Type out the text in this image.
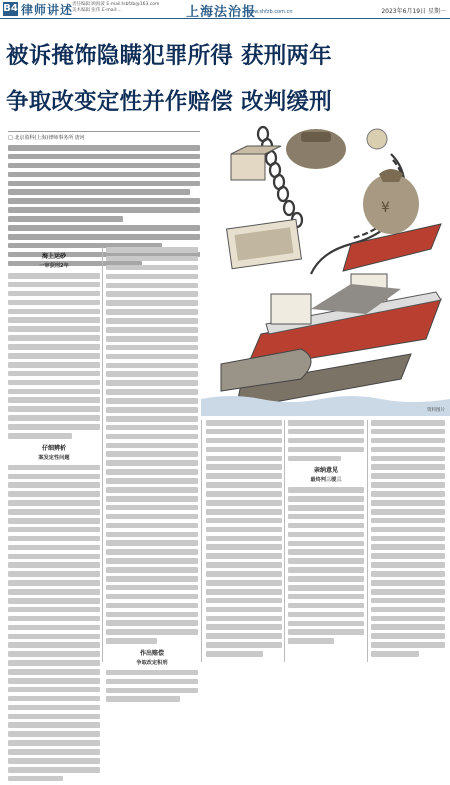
B4 律师讲述
责任编辑 顾海波 E-mail:lsbfzb@163.com
美术编辑 张伟 E-mail:...	上海法治报
www.shfzb.com.cn	2023年6月19日 星期一
被诉掩饰隐瞒犯罪所得 获刑两年
争取改变定性并作赔偿 改判缓刑
□ 北京盈科(上海)律师事务所 唐河
海上运砂
一审获刑2年
仔细辨析
案发定性问题
作出赔偿
争取改定积刑
¥
资料图片
亲纳意见
最终判三缓三
